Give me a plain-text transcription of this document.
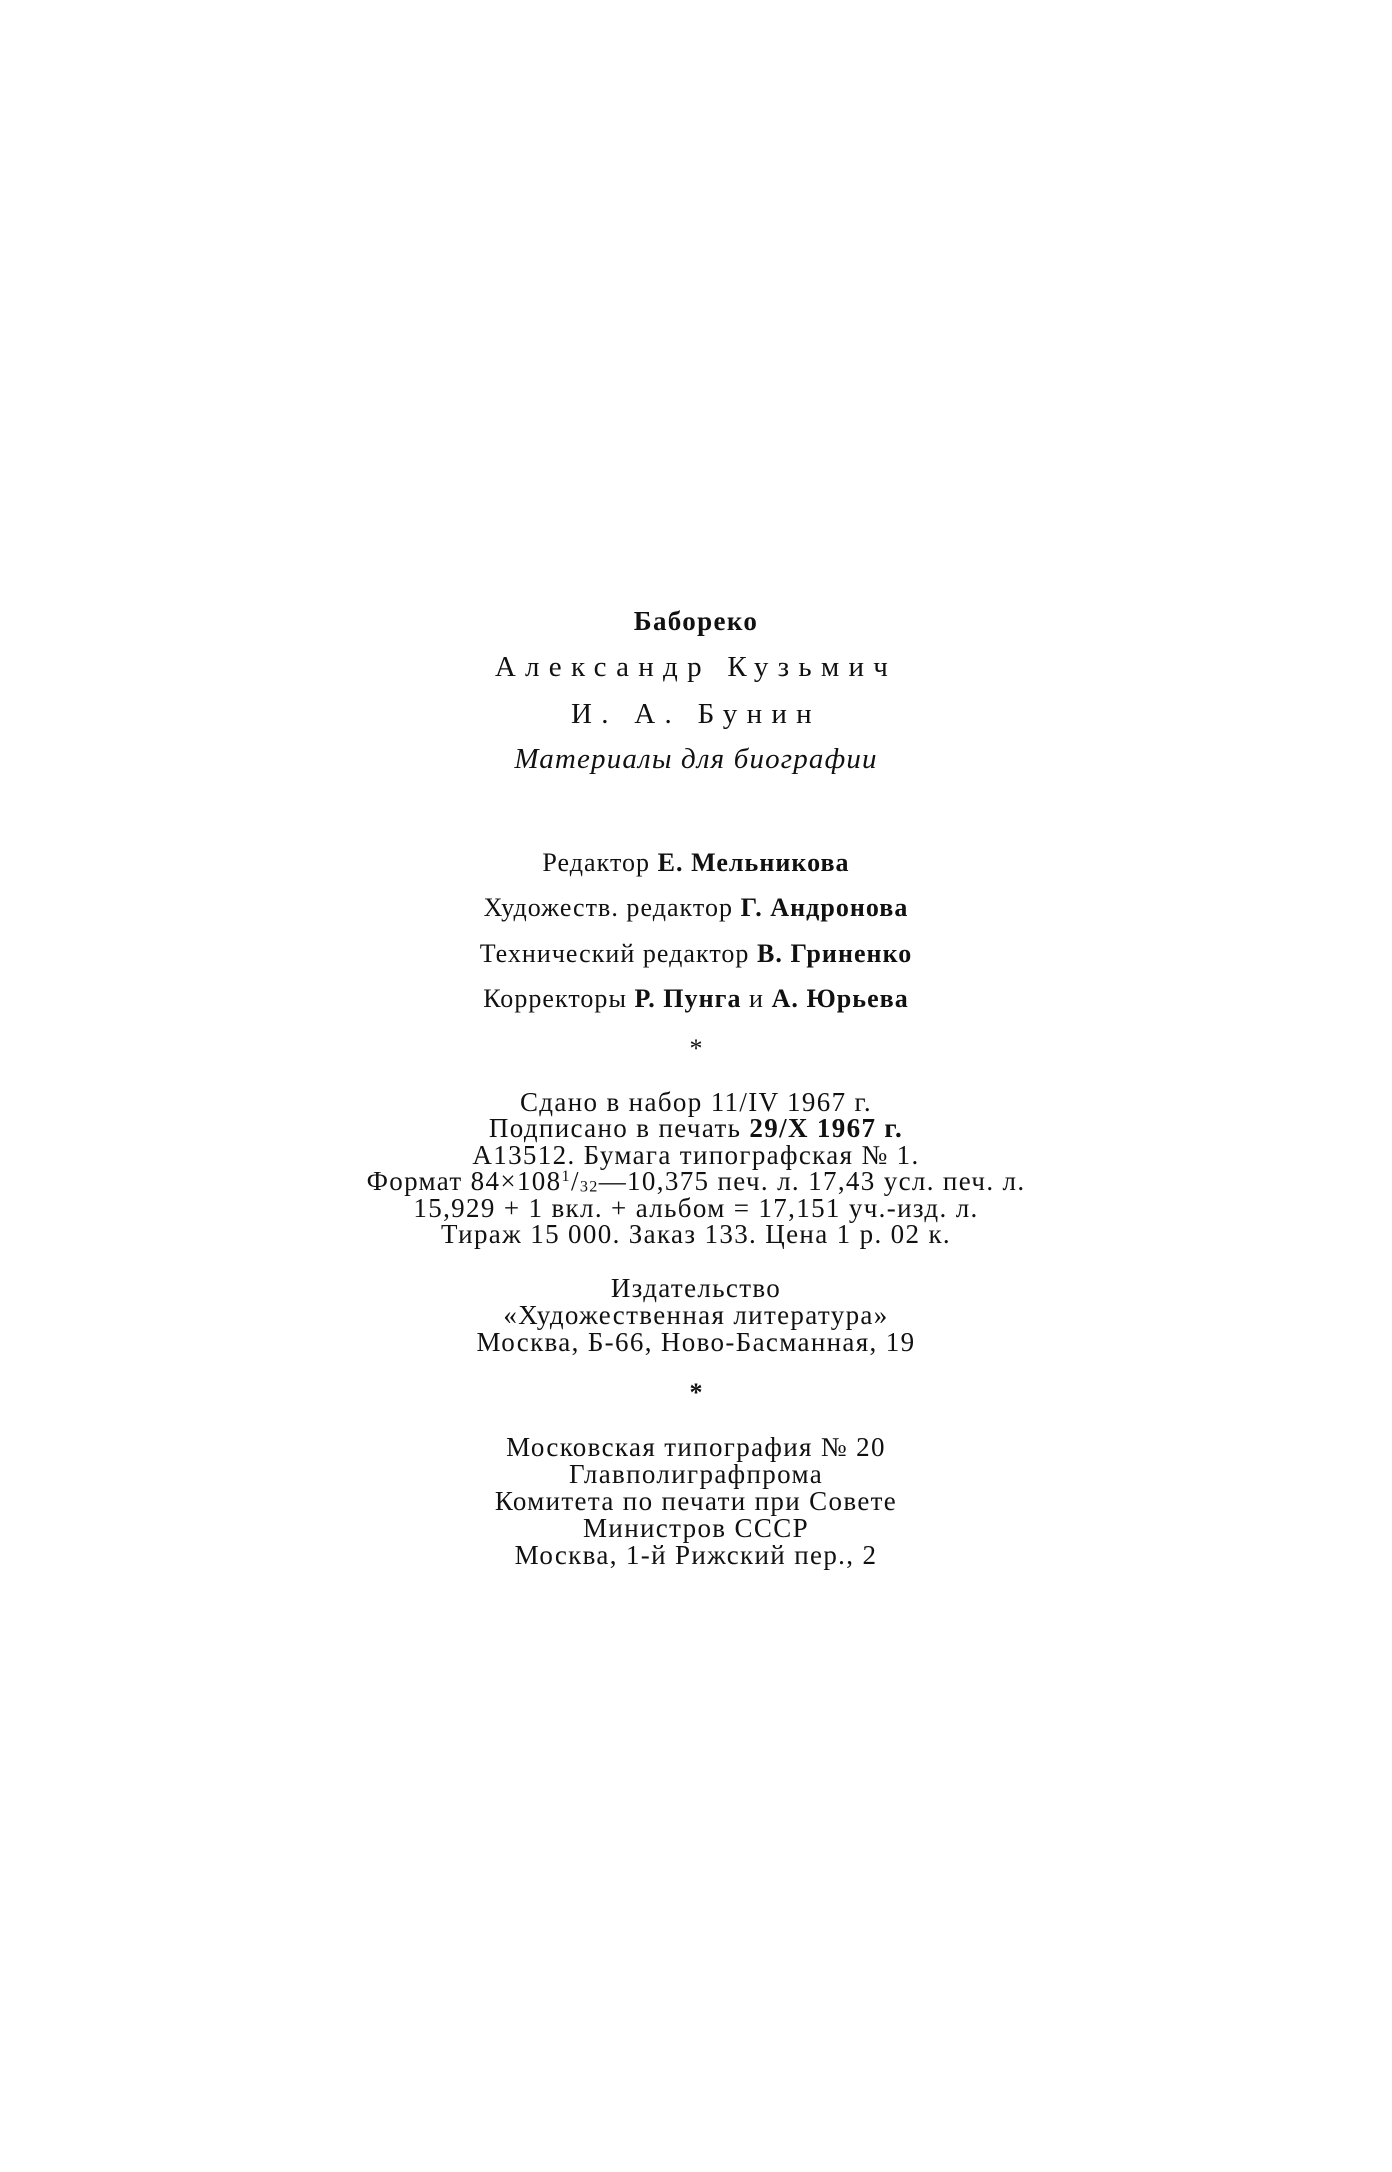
Бабореко
Александр Кузьмич
И. А. Бунин
Материалы для биографии
Редактор Е. Мельникова
Художеств. редактор Г. Андронова
Технический редактор В. Гриненко
Корректоры Р. Пунга и А. Юрьева
*
Сдано в набор 11/IV 1967 г.
Подписано в печать 29/X 1967 г.
А13512. Бумага типографская № 1.
Формат $84\times 108^1/32—10,375$ печ. л. 17,43 усл. печ. л.
15,929 + 1 вкл. + альбом = 17,151 уч.-изд. л.
Тираж 15 000. Заказ 133. Цена 1 р. 02 к.
Издательство
«Художественная литература»
Москва, Б-66, Ново-Басманная, 19
*
Московская типография № 20
Главполиграфпрома
Комитета по печати при Совете
Министров СССР
Москва, 1-й Рижский пер., 2
